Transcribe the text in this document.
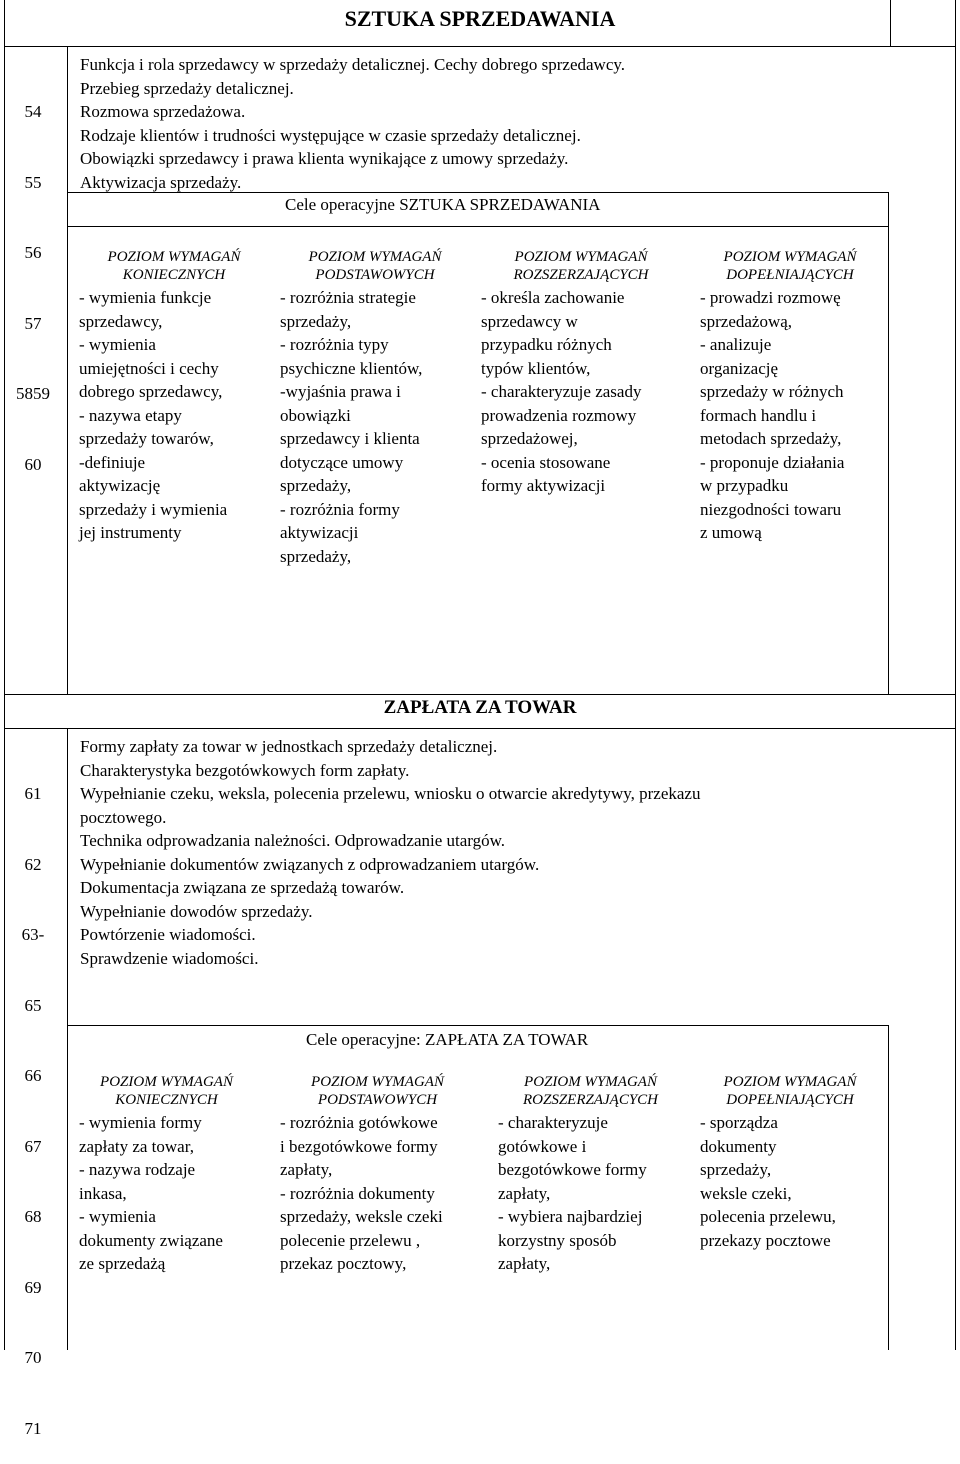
SZTUKA SPRZEDAWANIA

54

55

56

57

5859

60

Funkcja i rola sprzedawcy w sprzedaży detalicznej. Cechy dobrego sprzedawcy.
Przebieg sprzedaży detalicznej.
Rozmowa sprzedażowa.
Rodzaje klientów i trudności występujące w czasie sprzedaży detalicznej.
Obowiązki sprzedawcy i prawa klienta wynikające z umowy sprzedaży.
Aktywizacja sprzedaży.
Cele operacyjne SZTUKA SPRZEDAWANIA
POZIOM WYMAGAŃ
KONIECZNYCH
- wymienia funkcje
sprzedawcy,
- wymienia
umiejętności i cechy
dobrego sprzedawcy,
- nazywa etapy
sprzedaży towarów,
-definiuje
aktywizację
sprzedaży i wymienia
jej instrumenty
POZIOM WYMAGAŃ
PODSTAWOWYCH
- rozróżnia strategie
sprzedaży,
- rozróżnia typy
psychiczne klientów,
-wyjaśnia prawa i
obowiązki
sprzedawcy i klienta
dotyczące umowy
sprzedaży,
- rozróżnia formy
aktywizacji
sprzedaży,
POZIOM WYMAGAŃ
ROZSZERZAJĄCYCH
- określa zachowanie
sprzedawcy w
przypadku różnych
typów klientów,
- charakteryzuje zasady
prowadzenia rozmowy
sprzedażowej,
- ocenia stosowane
formy aktywizacji
POZIOM WYMAGAŃ
DOPEŁNIAJĄCYCH
- prowadzi rozmowę
sprzedażową,
- analizuje
organizację
sprzedaży w różnych
formach handlu i
metodach sprzedaży,
- proponuje działania
w przypadku
niezgodności towaru
z umową
ZAPŁATA ZA TOWAR

61

62

63-

65

66

67

68

69

70

71

Formy zapłaty za towar w jednostkach sprzedaży detalicznej.
Charakterystyka bezgotówkowych form zapłaty.
Wypełnianie czeku, weksla, polecenia przelewu, wniosku o otwarcie akredytywy, przekazu
pocztowego.
Technika odprowadzania należności. Odprowadzanie utargów.
Wypełnianie dokumentów związanych z odprowadzaniem utargów.
Dokumentacja związana ze sprzedażą towarów.
Wypełnianie dowodów sprzedaży.
Powtórzenie wiadomości.
Sprawdzenie wiadomości.
Cele operacyjne: ZAPŁATA ZA TOWAR
POZIOM WYMAGAŃ
KONIECZNYCH
- wymienia formy
zapłaty za towar,
- nazywa rodzaje
inkasa,
- wymienia
dokumenty związane
ze sprzedażą
POZIOM WYMAGAŃ
PODSTAWOWYCH
- rozróżnia gotówkowe
i bezgotówkowe formy
zapłaty,
- rozróżnia dokumenty
sprzedaży, weksle czeki
polecenie przelewu ,
przekaz pocztowy,
POZIOM WYMAGAŃ
ROZSZERZAJĄCYCH
- charakteryzuje
gotówkowe i
bezgotówkowe formy
zapłaty,
- wybiera najbardziej
korzystny sposób
zapłaty,
POZIOM WYMAGAŃ
DOPEŁNIAJĄCYCH
- sporządza
dokumenty
sprzedaży,
weksle czeki,
polecenia przelewu,
przekazy pocztowe
